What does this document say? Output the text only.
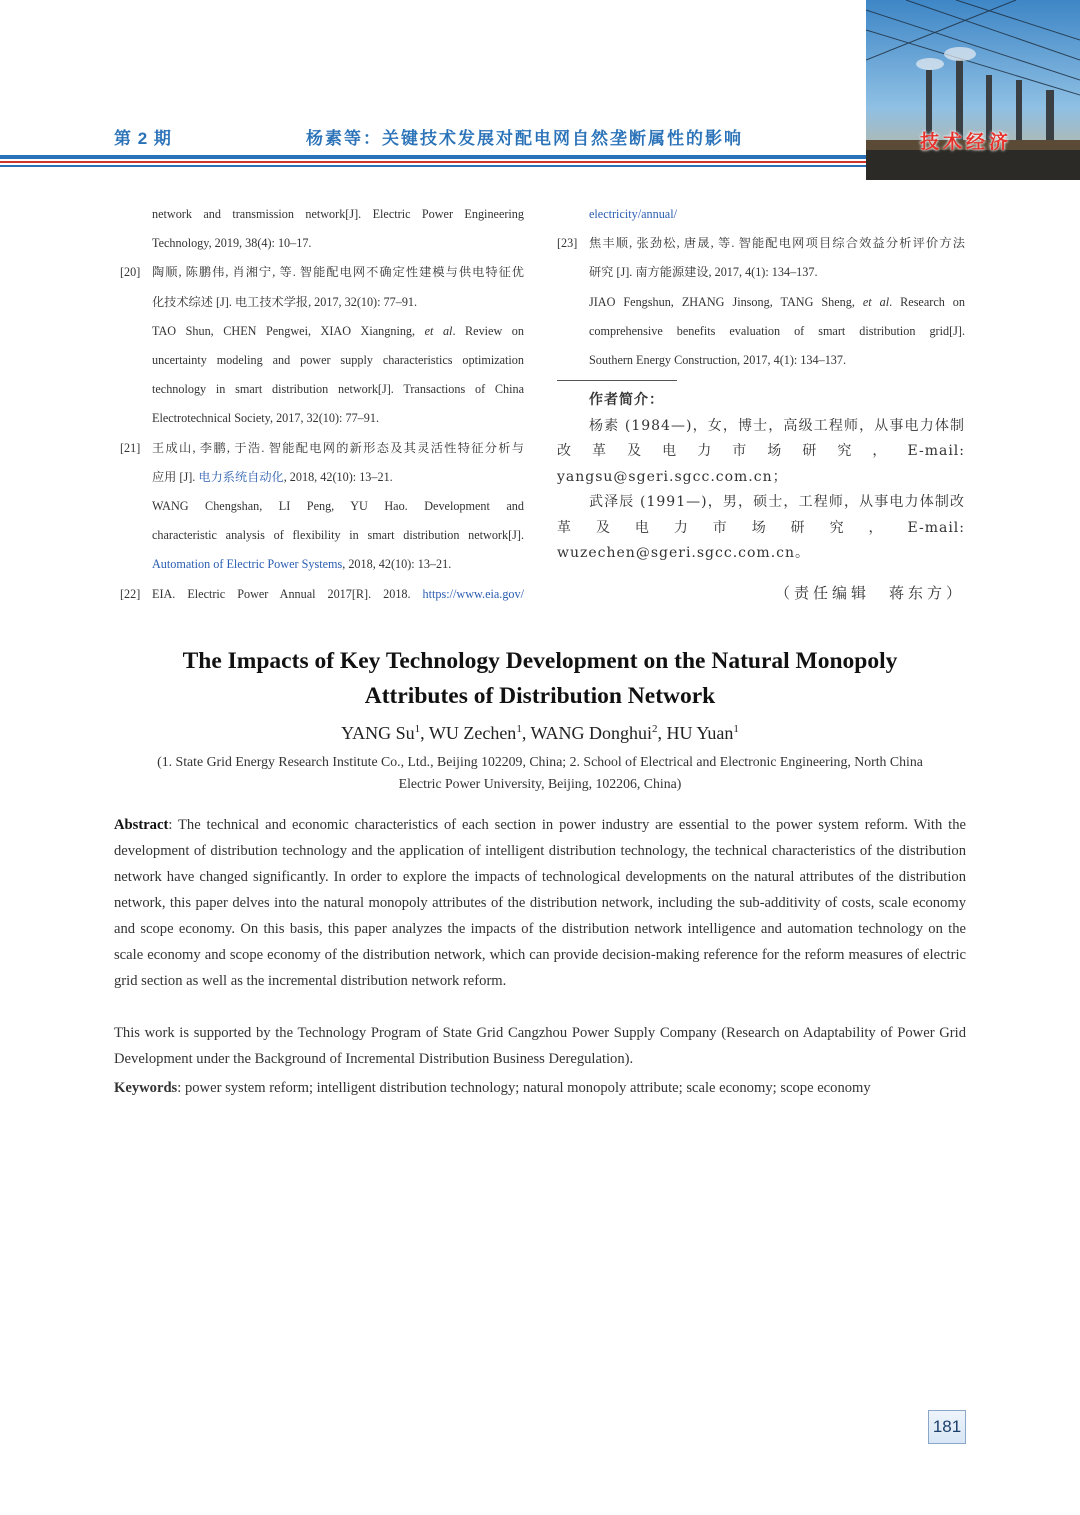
第 2 期	杨素等：关键技术发展对配电网自然垄断属性的影响	技术经济
network and transmission network[J]. Electric Power Engineering
Technology, 2019, 38(4): 10–17.
[20] 陶顺, 陈鹏伟, 肖湘宁, 等. 智能配电网不确定性建模与供电特征优
化技术综述 [J]. 电工技术学报, 2017, 32(10): 77–91.
TAO Shun, CHEN Pengwei, XIAO Xiangning, et al. Review on
uncertainty modeling and power supply characteristics optimization
technology in smart distribution network[J]. Transactions of China
Electrotechnical Society, 2017, 32(10): 77–91.
[21] 王成山, 李鹏, 于浩. 智能配电网的新形态及其灵活性特征分析与
应用 [J]. 电力系统自动化, 2018, 42(10): 13–21.
WANG Chengshan, LI Peng, YU Hao. Development and
characteristic analysis of flexibility in smart distribution network[J].
Automation of Electric Power Systems, 2018, 42(10): 13–21.
[22] EIA. Electric Power Annual 2017[R]. 2018. https://www.eia.gov/
electricity/annual/
[23] 焦丰顺, 张劲松, 唐晟, 等. 智能配电网项目综合效益分析评价方法
研究 [J]. 南方能源建设, 2017, 4(1): 134–137.
JIAO Fengshun, ZHANG Jinsong, TANG Sheng, et al. Research on
comprehensive benefits evaluation of smart distribution grid[J].
Southern Energy Construction, 2017, 4(1): 134–137.

作者简介：

杨素 (1984—)，女，博士，高级工程师，从事电力体制改革及电力市场研究，E-mail: yangsu@sgeri.sgcc.com.cn；

武泽辰 (1991—)，男，硕士，工程师，从事电力体制改革及电力市场研究，E-mail: wuzechen@sgeri.sgcc.com.cn。

（责任编辑　蒋东方）
The Impacts of Key Technology Development on the Natural Monopoly
Attributes of Distribution Network
YANG Su$^1$, WU Zechen$^1$, WANG Donghui$^2$, HU Yuan$^1$
(1. State Grid Energy Research Institute Co., Ltd., Beijing 102209, China; 2. School of Electrical and Electronic Engineering, North China
Electric Power University, Beijing, 102206, China)

Abstract: The technical and economic characteristics of each section in power industry are essential to the power system reform. With the development of distribution technology and the application of intelligent distribution technology, the technical characteristics of the distribution network have changed significantly. In order to explore the impacts of technological developments on the natural attributes of the distribution network, this paper delves into the natural monopoly attributes of the distribution network, including the sub-additivity of costs, scale economy and scope economy. On this basis, this paper analyzes the impacts of the distribution network intelligence and automation technology on the scale economy and scope economy of the distribution network, which can provide decision-making reference for the reform measures of electric grid section as well as the incremental distribution network reform.

This work is supported by the Technology Program of State Grid Cangzhou Power Supply Company (Research on Adaptability of Power Grid Development under the Background of Incremental Distribution Business Deregulation).

Keywords: power system reform; intelligent distribution technology; natural monopoly attribute; scale economy; scope economy

181
